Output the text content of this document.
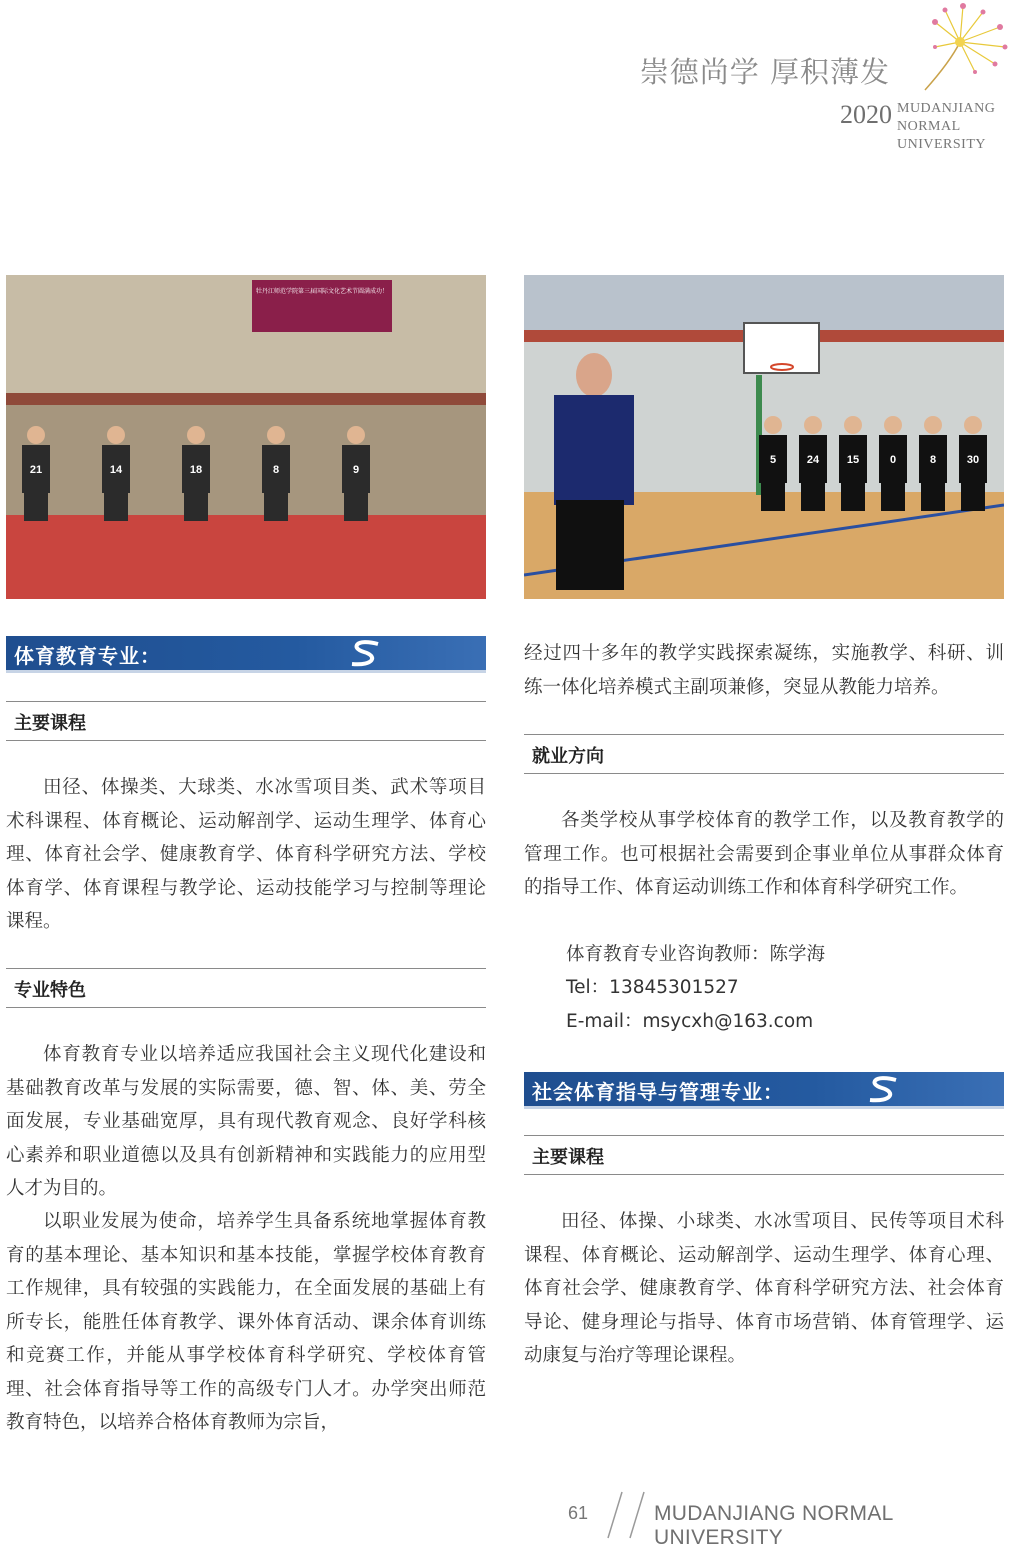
崇德尚学 厚积薄发
2020 MUDANJIANG
NORMAL
UNIVERSITY
牡丹江师范学院第三届国际文化艺术节圆满成功！
21	14	18	8	9
5	24	15	0	8	30
体育教育专业：
主要课程

田径、体操类、大球类、水冰雪项目类、武术等项目术科课程、体育概论、运动解剖学、运动生理学、体育心理、体育社会学、健康教育学、体育科学研究方法、学校体育学、体育课程与教学论、运动技能学习与控制等理论课程。

专业特色

体育教育专业以培养适应我国社会主义现代化建设和基础教育改革与发展的实际需要，德、智、体、美、劳全面发展，专业基础宽厚，具有现代教育观念、良好学科核心素养和职业道德以及具有创新精神和实践能力的应用型人才为目的。

以职业发展为使命，培养学生具备系统地掌握体育教育的基本理论、基本知识和基本技能，掌握学校体育教育工作规律，具有较强的实践能力，在全面发展的基础上有所专长，能胜任体育教学、课外体育活动、课余体育训练和竞赛工作，并能从事学校体育科学研究、学校体育管理、社会体育指导等工作的高级专门人才。办学突出师范教育特色，以培养合格体育教师为宗旨，

经过四十多年的教学实践探索凝练，实施教学、科研、训练一体化培养模式主副项兼修，突显从教能力培养。

就业方向

各类学校从事学校体育的教学工作，以及教育教学的管理工作。也可根据社会需要到企事业单位从事群众体育的指导工作、体育运动训练工作和体育科学研究工作。

体育教育专业咨询教师：陈学海
Tel：13845301527
E-mail：msycxh@163.com
社会体育指导与管理专业：
主要课程

田径、体操、小球类、水冰雪项目、民传等项目术科课程、体育概论、运动解剖学、运动生理学、体育心理、体育社会学、健康教育学、体育科学研究方法、社会体育导论、健身理论与指导、体育市场营销、体育管理学、运动康复与治疗等理论课程。

61	MUDANJIANG NORMAL UNIVERSITY
